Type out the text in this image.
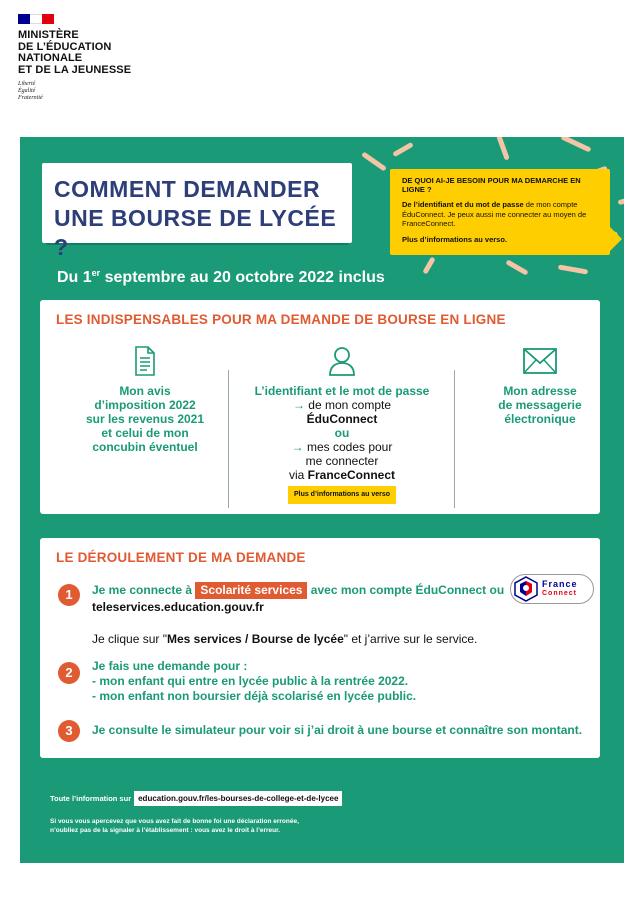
MINISTÈRE
DE L’ÉDUCATION
NATIONALE
ET DE LA JEUNESSE
Liberté
Égalité
Fraternité
COMMENT DEMANDER
UNE BOURSE DE LYCÉE ?
DE QUOI AI-JE BESOIN POUR MA DEMARCHE EN LIGNE ?
De l’identifiant et du mot de passe de mon compte ÉduConnect. Je peux aussi me connecter au moyen de FranceConnect.
Plus d’informations au verso.
Du 1er septembre au 20 octobre 2022 inclus
LES INDISPENSABLES POUR MA DEMANDE DE BOURSE EN LIGNE
Mon avis
d’imposition 2022
sur les revenus 2021
et celui de mon
concubin éventuel
L’identifiant et le mot de passe
→ de mon compte
ÉduConnect
ou
→ mes codes pour
me connecter
via FranceConnect
Plus d’informations au verso
Mon adresse
de messagerie
électronique
LE DÉROULEMENT DE MA DEMANDE
1	Je me connecte à Scolarité services avec mon compte ÉduConnect ou	France
Connect
teleservices.education.gouv.fr
Je clique sur "Mes services / Bourse de lycée" et j’arrive sur le service.
2	Je fais une demande pour :
- mon enfant qui entre en lycée public à la rentrée 2022.
- mon enfant non boursier déjà scolarisé en lycée public.
3	Je consulte le simulateur pour voir si j’ai droit à une bourse et connaître son montant.
Toute l’information sur education.gouv.fr/les-bourses-de-college-et-de-lycee
Si vous vous apercevez que vous avez fait de bonne foi une déclaration erronée,
n’oubliez pas de la signaler à l’établissement : vous avez le droit à l’erreur.
